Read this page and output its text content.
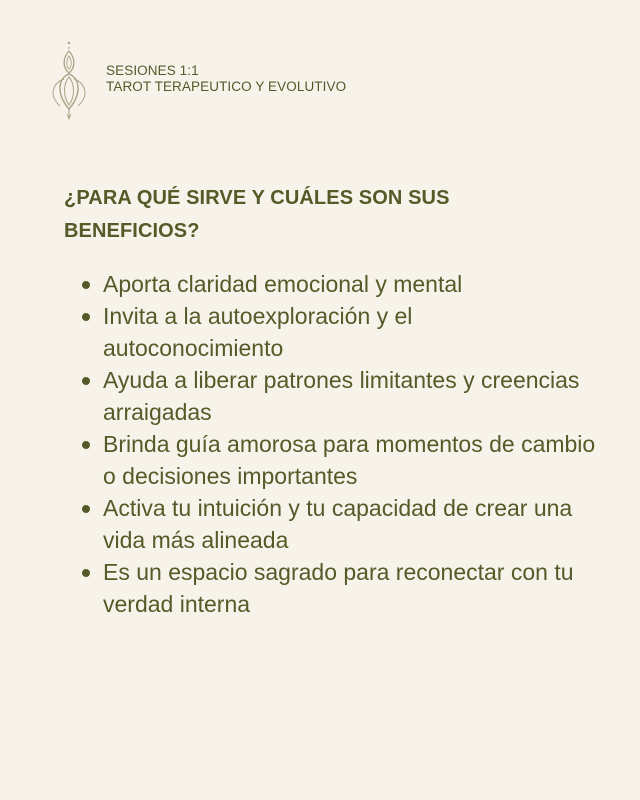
SESIONES 1:1
TAROT TERAPEUTICO Y EVOLUTIVO
¿PARA QUÉ SIRVE Y CUÁLES SON SUS
BENEFICIOS?
Aporta claridad emocional y mental
Invita a la autoexploración y el autoconocimiento
Ayuda a liberar patrones limitantes y creencias arraigadas
Brinda guía amorosa para momentos de cambio o decisiones importantes
Activa tu intuición y tu capacidad de crear una vida más alineada
Es un espacio sagrado para reconectar con tu verdad interna
